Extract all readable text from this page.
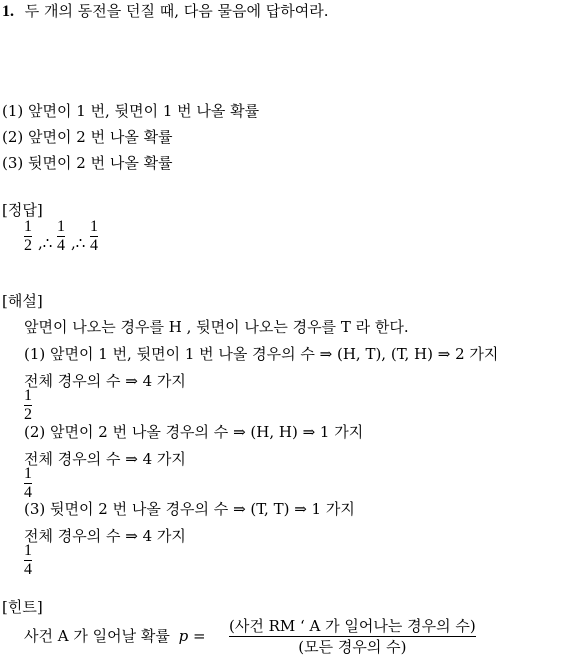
1. 두 개의 동전을 던질 때, 다음 물음에 답하여라.
(1) 앞면이 1 번, 뒷면이 1 번 나올 확률
(2) 앞면이 2 번 나올 확률
(3) 뒷면이 2 번 나올 확률
[정답]
1
2 ,∴
1
4 ,∴
1
4
[해설]
앞면이 나오는 경우를 H , 뒷면이 나오는 경우를 T 라 한다.
(1) 앞면이 1 번, 뒷면이 1 번 나올 경우의 수 ⇒ (H, T), (T, H) ⇒ 2 가지
전체 경우의 수 ⇒ 4 가지
1
2
(2) 앞면이 2 번 나올 경우의 수 ⇒ (H, H) ⇒ 1 가지
전체 경우의 수 ⇒ 4 가지
1
4
(3) 뒷면이 2 번 나올 경우의 수 ⇒ (T, T) ⇒ 1 가지
전체 경우의 수 ⇒ 4 가지
1
4
[힌트]
사건 A 가 일어날 확률 p =
(사건 RM ‘ A 가 일어나는 경우의 수)
(모든 경우의 수)
